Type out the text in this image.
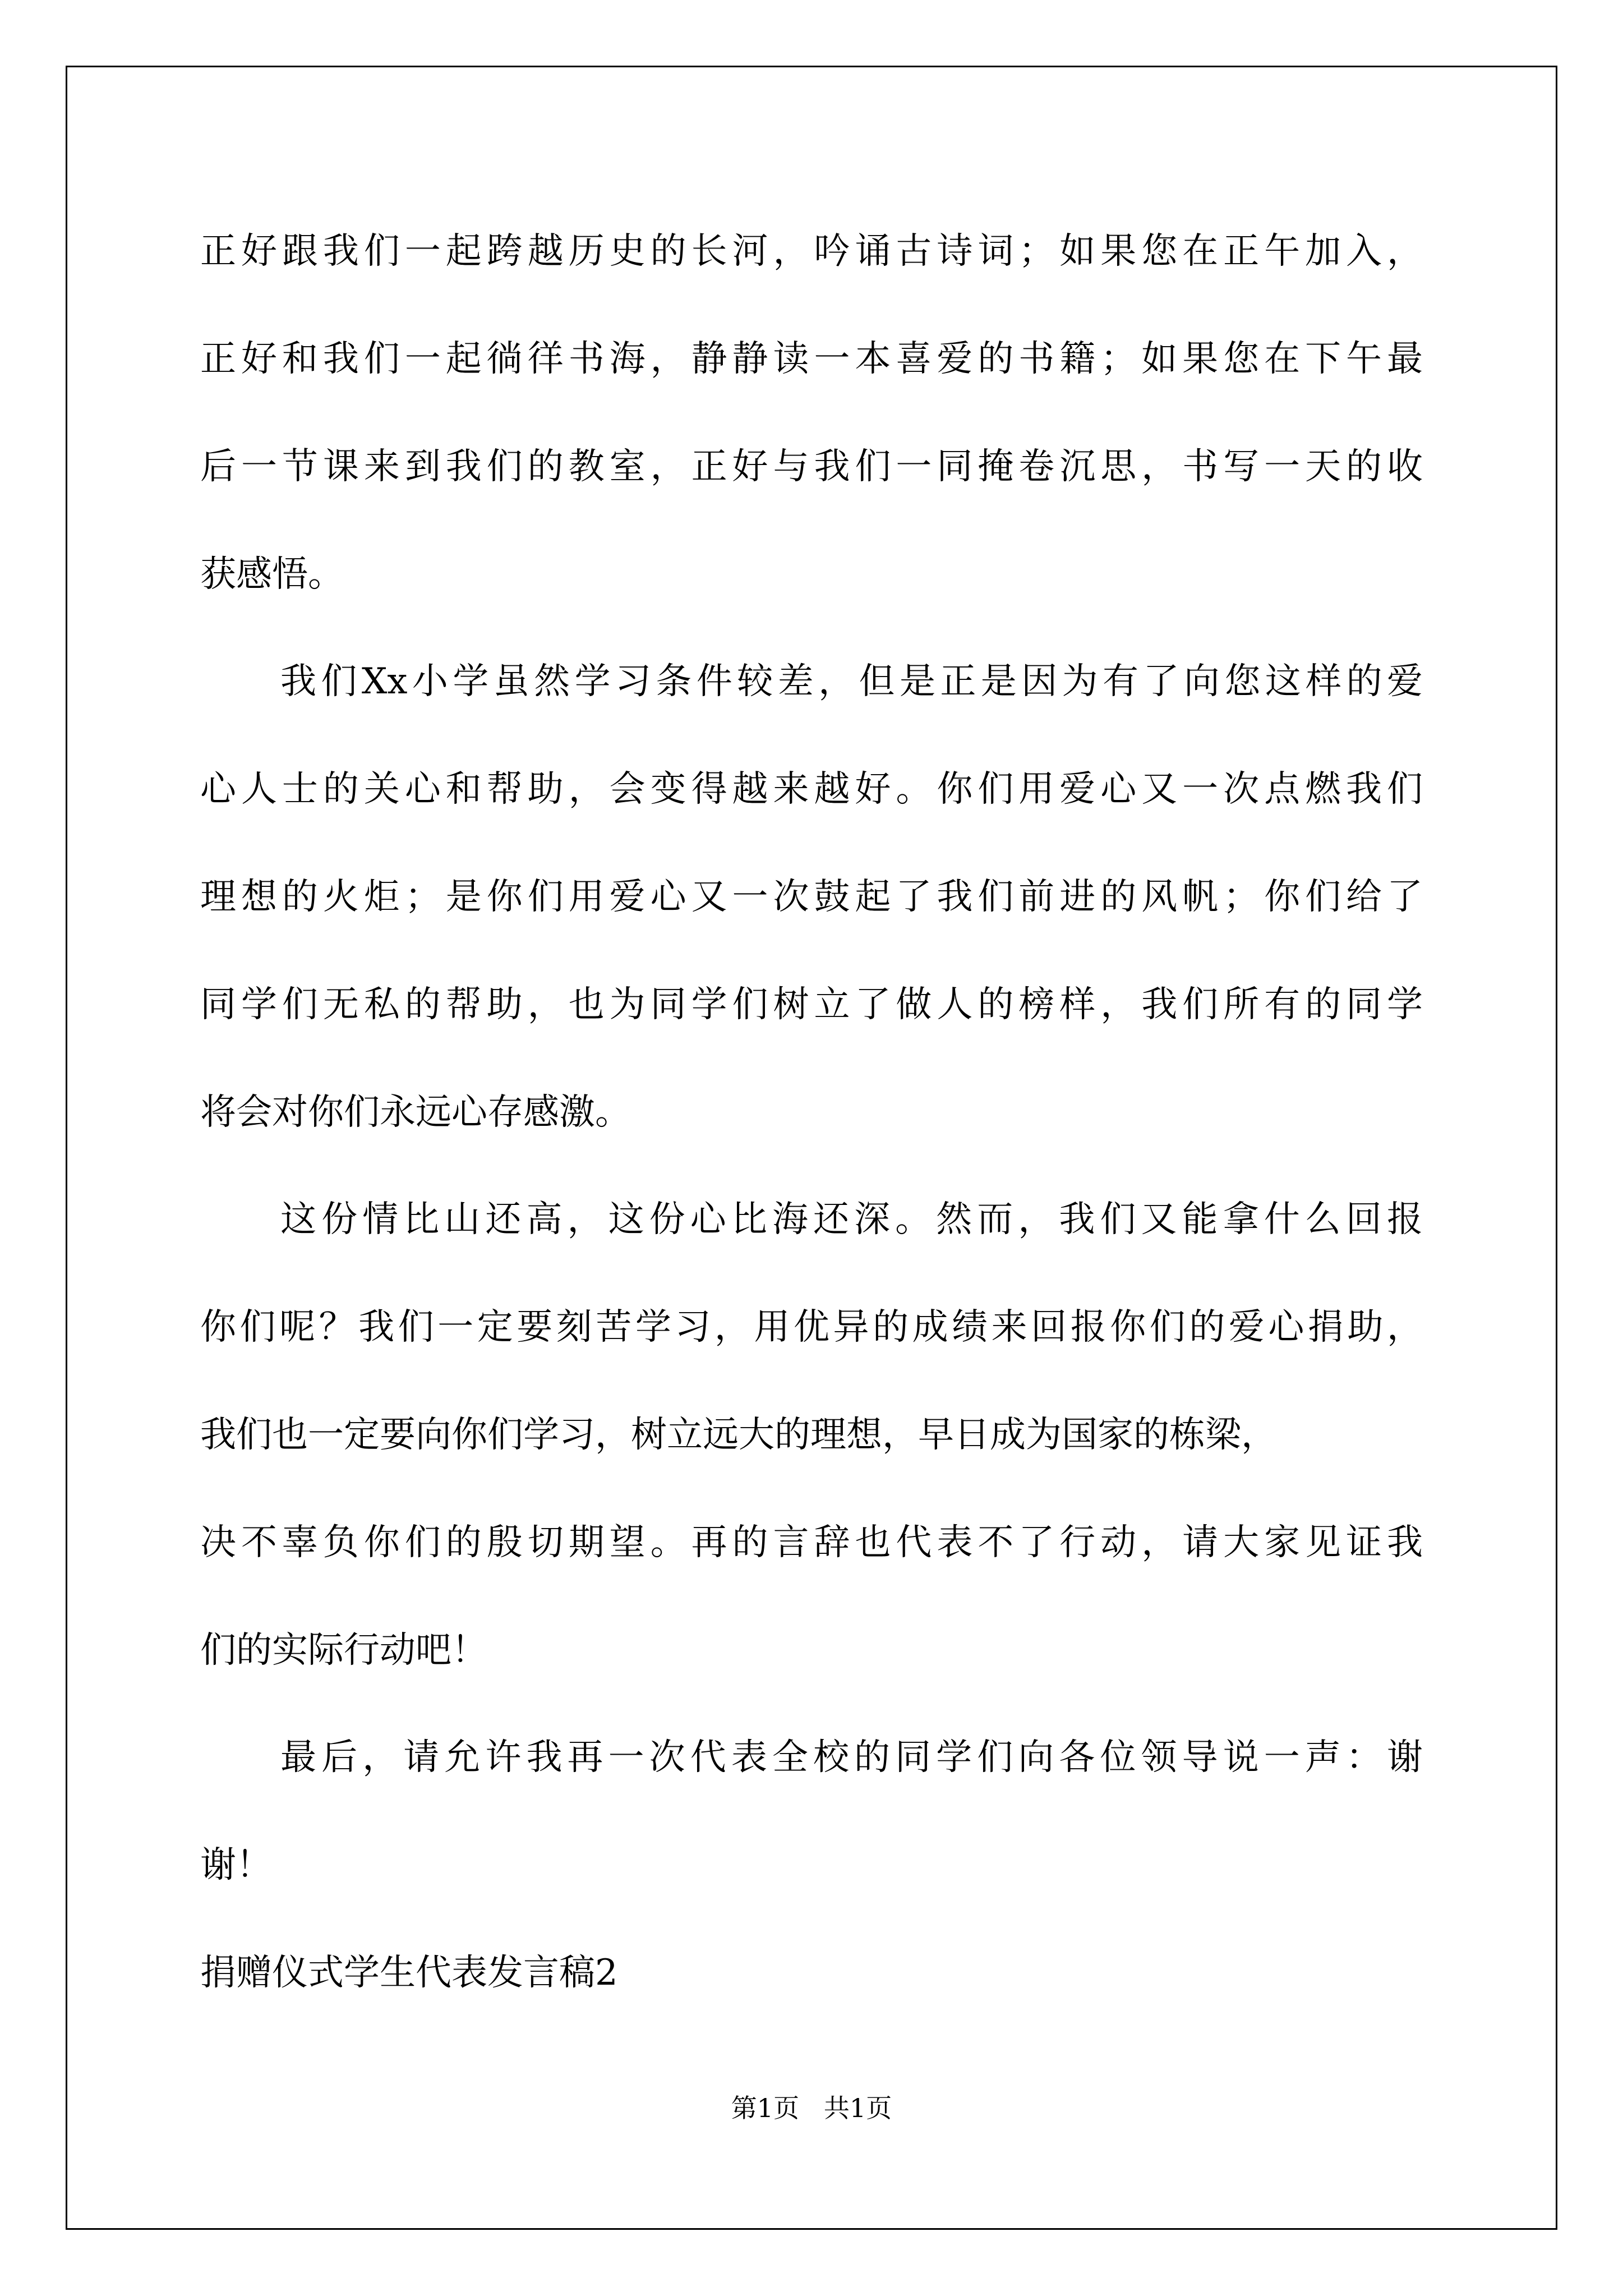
正好跟我们一起跨越历史的长河，吟诵古诗词；如果您在正午加入，
正好和我们一起徜徉书海，静静读一本喜爱的书籍；如果您在下午最
后一节课来到我们的教室，正好与我们一同掩卷沉思，书写一天的收
获感悟。
我们Xx小学虽然学习条件较差，但是正是因为有了向您这样的爱
心人士的关心和帮助，会变得越来越好。你们用爱心又一次点燃我们
理想的火炬；是你们用爱心又一次鼓起了我们前进的风帆；你们给了
同学们无私的帮助，也为同学们树立了做人的榜样，我们所有的同学
将会对你们永远心存感激。
这份情比山还高，这份心比海还深。然而，我们又能拿什么回报
你们呢？我们一定要刻苦学习，用优异的成绩来回报你们的爱心捐助，
我们也一定要向你们学习，树立远大的理想，早日成为国家的栋梁，
决不辜负你们的殷切期望。再的言辞也代表不了行动，请大家见证我
们的实际行动吧！
最后，请允许我再一次代表全校的同学们向各位领导说一声：谢
谢！
捐赠仪式学生代表发言稿2
第1页   共1页
